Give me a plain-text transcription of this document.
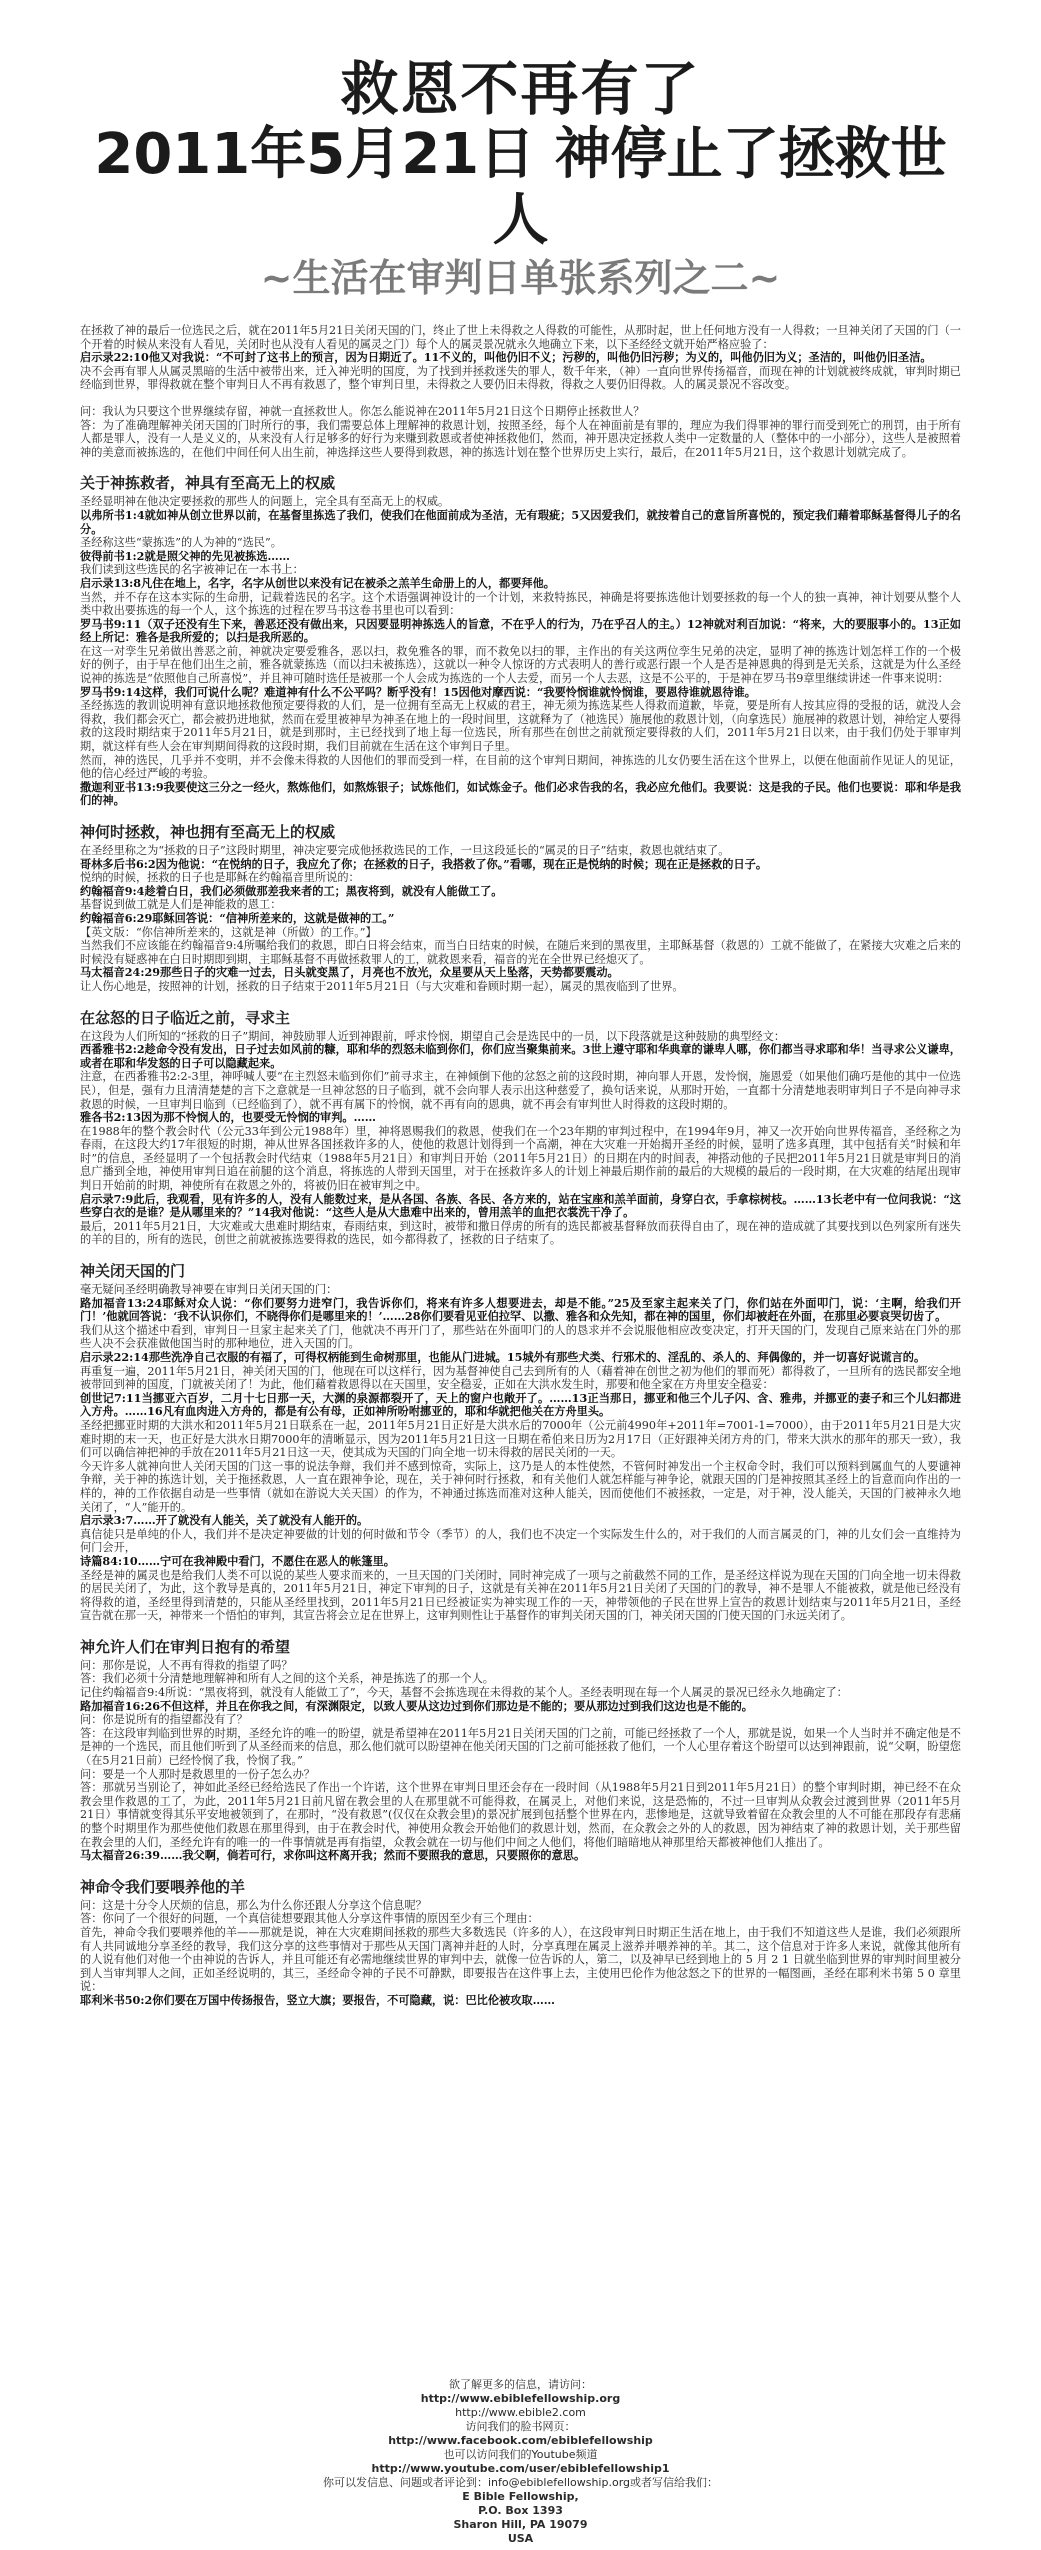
救恩不再有了
2011年5月21日 神停止了拯救世人
~生活在审判日单张系列之二~

在拯救了神的最后一位选民之后，就在2011年5月21日关闭天国的门，终止了世上未得救之人得救的可能性，从那时起，世上任何地方没有一人得救；一旦神关闭了天国的门（一个开着的时候从来没有人看见，关闭时也从没有人看见的属灵之门）每个人的属灵景况就永久地确立下来，以下圣经经文就开始严格应验了：

启示录22:10他又对我说：“不可封了这书上的预言，因为日期近了。11不义的，叫他仍旧不义；污秽的，叫他仍旧污秽；为义的，叫他仍旧为义；圣洁的，叫他仍旧圣洁。

决不会再有罪人从属灵黑暗的生活中被带出来，迁入神光明的国度，为了找到并拯救迷失的罪人，数千年来，（神）一直向世界传扬福音，而现在神的计划就被终成就，审判时期已经临到世界，罪得救就在整个审判日人不再有救恩了，整个审判日里，未得救之人要仍旧未得救，得救之人要仍旧得救。人的属灵景况不容改变。

问：我认为只要这个世界继续存留，神就一直拯救世人。你怎么能说神在2011年5月21日这个日期停止拯救世人？

答：为了准确理解神关闭天国的门时所行的事，我们需要总体上理解神的救恩计划，按照圣经，每个人在神面前是有罪的，理应为我们得罪神的罪行而受到死亡的刑罚，由于所有人都是罪人，没有一人是义义的，从来没有人行足够多的好行为来赚到救恩或者使神拯救他们，然而，神开恩决定拯救人类中一定数量的人（整体中的一小部分），这些人是被照着神的美意而被拣选的，在他们中间任何人出生前，神选择这些人要得到救恩，神的拣选计划在整个世界历史上实行，最后，在2011年5月21日，这个救恩计划就完成了。

关于神拣救者，神具有至高无上的权威

圣经显明神在他决定要拯救的那些人的问题上，完全具有至高无上的权威。

以弗所书1:4就如神从创立世界以前，在基督里拣选了我们，使我们在他面前成为圣洁，无有瑕疵；5又因爱我们，就按着自己的意旨所喜悦的，预定我们藉着耶稣基督得儿子的名分。

圣经称这些“蒙拣选”的人为神的“选民”。

彼得前书1:2就是照父神的先见被拣选……

我们读到这些选民的名字被神记在一本书上：

启示录13:8凡住在地上，名字，名字从创世以来没有记在被杀之羔羊生命册上的人，都要拜他。

当然，并不存在这本实际的生命册，记载着选民的名字。这个术语强调神设计的一个计划，来救特拣民，神确是将要拣选他计划要拯救的每一个人的独一真神，神计划要从整个人类中救出要拣选的每一个人，这个拣选的过程在罗马书这卷书里也可以看到：

罗马书9:11（双子还没有生下来，善恶还没有做出来，只因要显明神拣选人的旨意，不在乎人的行为，乃在乎召人的主。）12神就对利百加说：“将来，大的要服事小的。13正如经上所记：雅各是我所爱的；以扫是我所恶的。

在这一对孪生兄弟做出善恶之前，神就决定要爱雅各，恶以扫，救免雅各的罪，而不救免以扫的罪，主作出的有关这两位孪生兄弟的决定，显明了神的拣选计划怎样工作的一个极好的例子，由于早在他们出生之前，雅各就蒙拣选（而以扫未被拣选），这就以一种令人惊讶的方式表明人的善行或恶行跟一个人是否是神恩典的得到是无关系，这就是为什么圣经说神的拣选是“依照他自己所喜悦”，并且神可随时选任是被那一个人会成为拣选的一个人去爱，而另一个人去恶，这是不公平的，于是神在罗马书9章里继续讲述一件事来说明：

罗马书9:14这样，我们可说什么呢？难道神有什么不公平吗？断乎没有！15因他对摩西说：“我要怜悯谁就怜悯谁，要恩待谁就恩待谁。

圣经拣选的教训说明神有意识地拯救他预定要得救的人们，是一位拥有至高无上权威的君王，神无须为拣选某些人得救而道歉，毕竟，要是所有人按其应得的受报的话，就没人会得救，我们都会灭亡，都会被扔进地狱，然而在爱里被神早为神圣在地上的一段时间里，这就释为了（祂选民）施展他的救恩计划，（向拿选民）施展神的救恩计划，神给定人要得救的这段时期结束于2011年5月21日，就是到那时，主已经找到了地上每一位选民，所有那些在创世之前就预定要得救的人们，2011年5月21日以来，由于我们仍处于罪审判期，就这样有些人会在审判期间得救的这段时期，我们目前就在生活在这个审判日子里。

然而，神的选民，几乎并不变明，并不会像未得救的人因他们的罪而受到一样，在目前的这个审判日期间，神拣选的儿女仍要生活在这个世界上，以便在他面前作见证人的见证，他的信心经过严峻的考验。

撒迦利亚书13:9我要使这三分之一经火，熬炼他们，如熬炼银子；试炼他们，如试炼金子。他们必求告我的名，我必应允他们。我要说：这是我的子民。他们也要说：耶和华是我们的神。

神何时拯救，神也拥有至高无上的权威

在圣经里称之为“拯救的日子”这段时期里，神决定要完成他拯救选民的工作，一旦这段延长的“属灵的日子”结束，救恩也就结束了。

哥林多后书6:2因为他说：“在悦纳的日子，我应允了你；在拯救的日子，我搭救了你。”看哪，现在正是悦纳的时候；现在正是拯救的日子。

悦纳的时候，拯救的日子也是耶稣在约翰福音里所说的：

约翰福音9:4趁着白日，我们必须做那差我来者的工；黑夜将到，就没有人能做工了。

基督说到做工就是人们是神能救的恩工：

约翰福音6:29耶稣回答说：“信神所差来的，这就是做神的工。”

【英文版：“你信神所差来的，这就是神（所做）的工作。”】

当然我们不应该能在约翰福音9:4所嘱给我们的救恩，即白日将会结束，而当白日结束的时候，在随后来到的黑夜里，主耶稣基督（救恩的）工就不能做了，在紧接大灾难之后来的时候没有疑惑神在白日时期即到期，主耶稣基督不再做拯救罪人的工，就救恩来看，福音的光在全世界已经熄灭了。

马太福音24:29那些日子的灾难一过去，日头就变黑了，月亮也不放光，众星要从天上坠落，天势都要震动。

让人伤心地是，按照神的计划，拯救的日子结束于2011年5月21日（与大灾难和眷顾时期一起），属灵的黑夜临到了世界。

在忿怒的日子临近之前，寻求主

在这段为人们所知的“拯救的日子”期间，神鼓励罪人近到神跟前，呼求怜悯，期望自己会是选民中的一员，以下段落就是这种鼓励的典型经文：

西番雅书2:2趁命令没有发出，日子过去如风前的糠，耶和华的烈怒未临到你们，你们应当聚集前来。3世上遵守耶和华典章的谦卑人哪，你们都当寻求耶和华！当寻求公义谦卑，或者在耶和华发怒的日子可以隐藏起来。

注意，在西番雅书2:2-3里，神呼喊人要“在主烈怒未临到你们”前寻求主，在神倾倒下他的忿怒之前的这段时期，神向罪人开恩，发怜悯，施恩爱（如果他们确巧是他的其中一位选民），但是，强有力且清清楚楚的言下之意就是一旦神忿怒的日子临到，就不会向罪人表示出这种慈爱了，换句话来说，从那时开始，一直都十分清楚地表明审判日子不是向神寻求救恩的时候，一旦审判日临到（已经临到了），就不再有属下的怜悯，就不再有向的恩典，就不再会有审判世人时得救的这段时期的。

雅各书2:13因为那不怜悯人的，也要受无怜悯的审判。……

在1988年的整个教会时代（公元33年到公元1988年）里，神将恩赐我们的救恩，使我们在一个23年期的审判过程中，在1994年9月，神又一次开始向世界传福音，圣经称之为春雨，在这段大约17年很短的时期，神从世界各国拯救许多的人，使他的救恩计划得到一个高潮，神在大灾难一开始揭开圣经的时候，显明了选多真理，其中包括有关“时候和年时”的信息，圣经显明了一个包括教会时代结束（1988年5月21日）和审判日开始（2011年5月21日）的日期在内的时间表，神搭动他的子民把2011年5月21日就是审判日的消息广播到全地，神使用审判日追在前腿的这个消息，将拣选的人带到天国里，对于在拯救许多人的计划上神最后期作前的最后的大规模的最后的一段时期，在大灾难的结尾出现审判日开始前的时期，神使所有在救恩之外的，将被仍旧在被审判之中。

启示录7:9此后，我观看，见有许多的人，没有人能数过来，是从各国、各族、各民、各方来的，站在宝座和羔羊面前，身穿白衣，手拿棕树枝。……13长老中有一位问我说：“这些穿白衣的是谁？是从哪里来的？”14我对他说：“这些人是从大患难中出来的，曾用羔羊的血把衣裳洗干净了。

最后，2011年5月21日，大灾难或大患难时期结束，春雨结束，到这时，被带和撒日俘虏的所有的选民都被基督释放而获得自由了，现在神的造成就了其要找到以色列家所有迷失的羊的目的，所有的选民，创世之前就被拣选要得救的选民，如今都得救了，拯救的日子结束了。

神关闭天国的门

毫无疑问圣经明确教导神要在审判日关闭天国的门：

路加福音13:24耶稣对众人说：“你们要努力进窄门，我告诉你们，将来有许多人想要进去，却是不能。”25及至家主起来关了门，你们站在外面叩门，说：‘主啊，给我们开门！’他就回答说：‘我不认识你们，不晓得你们是哪里来的！’……28你们要看见亚伯拉罕、以撒、雅各和众先知，都在神的国里，你们却被赶在外面，在那里必要哀哭切齿了。

我们从这个描述中看到，审判日一旦家主起来关了门，他就决不再开门了，那些站在外面叩门的人的恳求并不会说服他相应改变决定，打开天国的门，发现自己原来站在门外的那些人决不会获准做他国当时的那种地位，进入天国的门。

启示录22:14那些洗净自己衣服的有福了，可得权柄能到生命树那里，也能从门进城。15城外有那些犬类、行邪术的、淫乱的、杀人的、拜偶像的，并一切喜好说谎言的。

再重复一遍，2011年5月21日，神关闭天国的门，他现在可以这样行，因为基督神使自己去到所有的人（藉着神在创世之初为他们的罪而死）都得救了，一旦所有的选民都安全地被带回到神的国度，门就被关闭了！为此，他们藉着救恩得以在天国里，安全稳妥，正如在大洪水发生时，那要和他全家在方舟里安全稳妥：

创世记7:11当挪亚六百岁，二月十七日那一天，大渊的泉源都裂开了，天上的窗户也敞开了。……13正当那日，挪亚和他三个儿子闪、含、雅弗，并挪亚的妻子和三个儿妇都进入方舟。……16凡有血肉进入方舟的，都是有公有母，正如神所吩咐挪亚的，耶和华就把他关在方舟里头。

圣经把挪亚时期的大洪水和2011年5月21日联系在一起，2011年5月21日正好是大洪水后的7000年（公元前4990年+2011年=7001-1=7000），由于2011年5月21日是大灾难时期的末一天，也正好是大洪水日期7000年的清晰显示，因为2011年5月21日这一日期在希伯来日历为2月17日（正好跟神关闭方舟的门，带来大洪水的那年的那天一致），我们可以确信神把神的手放在2011年5月21日这一天，使其成为天国的门向全地一切未得救的居民关闭的一天。

今天许多人就神向世人关闭天国的门这一事的说法争辩，我们并不感到惊奇，实际上，这乃是人的本性使然，不管何时神发出一个主权命令时，我们可以预料到属血气的人要谴神争辩，关于神的拣选计划，关于拖拯救恩，人一直在跟神争论，现在，关于神何时行拯救，和有关他们人就怎样能与神争论，就跟天国的门是神按照其圣经上的旨意而向作出的一样的，神的工作依据自动是一些事情（就如在游说大关天国）的作为，不神通过拣选而准对这种人能关，因而使他们不被拯救，一定是，对于神，没人能关，天国的门被神永久地关闭了，“人”能开的。

启示录3:7……开了就没有人能关，关了就没有人能开的。

真信徒只是单纯的仆人，我们并不是决定神要做的计划的何时做和节令（季节）的人，我们也不决定一个实际发生什么的，对于我们的人而言属灵的门，神的儿女们会一直维持为何门会开，

诗篇84:10……宁可在我神殿中看门，不愿住在恶人的帐篷里。

圣经是神的属灵也是给我们人类不可以说的某些人要求而来的，一旦天国的门关闭时，同时神完成了一项与之前截然不同的工作，是圣经这样说为现在天国的门向全地一切未得救的居民关闭了，为此，这个教导是真的，2011年5月21日，神定下审判的日子，这就是有关神在2011年5月21日关闭了天国的门的教导，神不是罪人不能被救，就是他已经没有将得救的道，圣经里得到清楚的，只能从圣经里找到，2011年5月21日已经被证实为神实现工作的一天，神带领他的子民在世界上宣告的救恩计划结束与2011年5月21日，圣经宣告就在那一天，神带来一个悟怕的审判，其宣告将会立足在世界上，这审判则性让于基督作的审判关闭天国的门，神关闭天国的门使天国的门永远关闭了。

神允许人们在审判日抱有的希望

问：那你是说，人不再有得救的指望了吗？

答：我们必须十分清楚地理解神和所有人之间的这个关系，神是拣选了的那一个人。

记住约翰福音9:4所说：“黑夜将到，就没有人能做工了”，今天，基督不会拣选现在未得救的某个人。圣经表明现在每一个人属灵的景况已经永久地确定了：

路加福音16:26不但这样，并且在你我之间，有深渊限定，以致人要从这边过到你们那边是不能的；要从那边过到我们这边也是不能的。

问：你是说所有的指望都没有了？

答：在这段审判临到世界的时期，圣经允许的唯一的盼望，就是希望神在2011年5月21日关闭天国的门之前，可能已经拯救了一个人，那就是说，如果一个人当时并不确定他是不是神的一个选民，而且他们听到了从圣经而来的信息，那么他们就可以盼望神在他关闭天国的门之前可能拯救了他们，一个人心里存着这个盼望可以达到神跟前，说“父啊，盼望您（在5月21日前）已经怜悯了我，怜悯了我。”

问：要是一个人那时是救恩里的一份子怎么办？

答：那就另当别论了，神如此圣经已经给选民了作出一个许诺，这个世界在审判日里还会存在一段时间（从1988年5月21日到2011年5月21日）的整个审判时期，神已经不在众教会里作救恩的工了，为此，2011年5月21日前凡留在教会里的人在那里就不可能得救，在属灵上，对他们来说，这是恐怖的，不过一旦审判从众教会过渡到世界（2011年5月21日）事情就变得其乐平安地被领到了，在那时，“没有救恩”(仅仅在众教会里)的景况扩展到包括整个世界在内，悲惨地是，这就导致着留在众教会里的人不可能在那段存有悲痛的整个时期里作为那些使他们救恩在那里得到，由于在教会时代，神使用众教会开始他们的救恩计划，然而，在众教会之外的人的救恩，因为神结束了神的救恩计划，关于那些留在教会里的人们，圣经允许有的唯一的一件事情就是再有指望，众教会就在一切与他们中间之人他们，将他们暗暗地从神那里给天都被神他们人推出了。

马太福音26:39……我父啊，倘若可行，求你叫这杯离开我；然而不要照我的意思，只要照你的意思。

神命令我们要喂养他的羊

问：这是十分令人厌烦的信息，那么为什么你还跟人分享这个信息呢？

答：你问了一个很好的问题，一个真信徒想要跟其他人分享这件事情的原因至少有三个理由：

首先，神命令我们要喂养他的羊——那就是说，神在大灾难期间拯救的那些大多数选民（许多的人），在这段审判日时期正生活在地上，由于我们不知道这些人是谁，我们必须跟所有人共同诚地分享圣经的教导，我们这分享的这些事情对于那些从天国门离神并赶的人时，分享真理在属灵上滋养并喂养神的羊。其二，这个信息对于许多人来说，就像其他所有的人说有他们对他一个由神说的告诉人，并且可能还有必需地继续世界的审判中去，就像一位告诉的人，第二，以及神早已经到地上的 5 月 2 1 日就坐临到世界的审判时间里被分到人当审判罪人之间，正如圣经说明的，其三，圣经命令神的子民不可静默，即要报告在这件事上去，主使用巴伦作为他忿怒之下的世界的一幅图画，圣经在耶利米书第 5 0 章里说：

耶利米书50:2你们要在万国中传扬报告，竖立大旗；要报告，不可隐藏，说：巴比伦被攻取……

欲了解更多的信息，请访问：
http://www.ebiblefellowship.org
http://www.ebible2.com
访问我们的脸书网页：
http://www.facebook.com/ebiblefellowship
也可以访问我们的Youtube频道
http://www.youtube.com/user/ebiblefellowship1
你可以发信息、问题或者评论到：info@ebiblefellowship.org或者写信给我们：
E Bible Fellowship,
P.O. Box 1393
Sharon Hill, PA 19079
USA
